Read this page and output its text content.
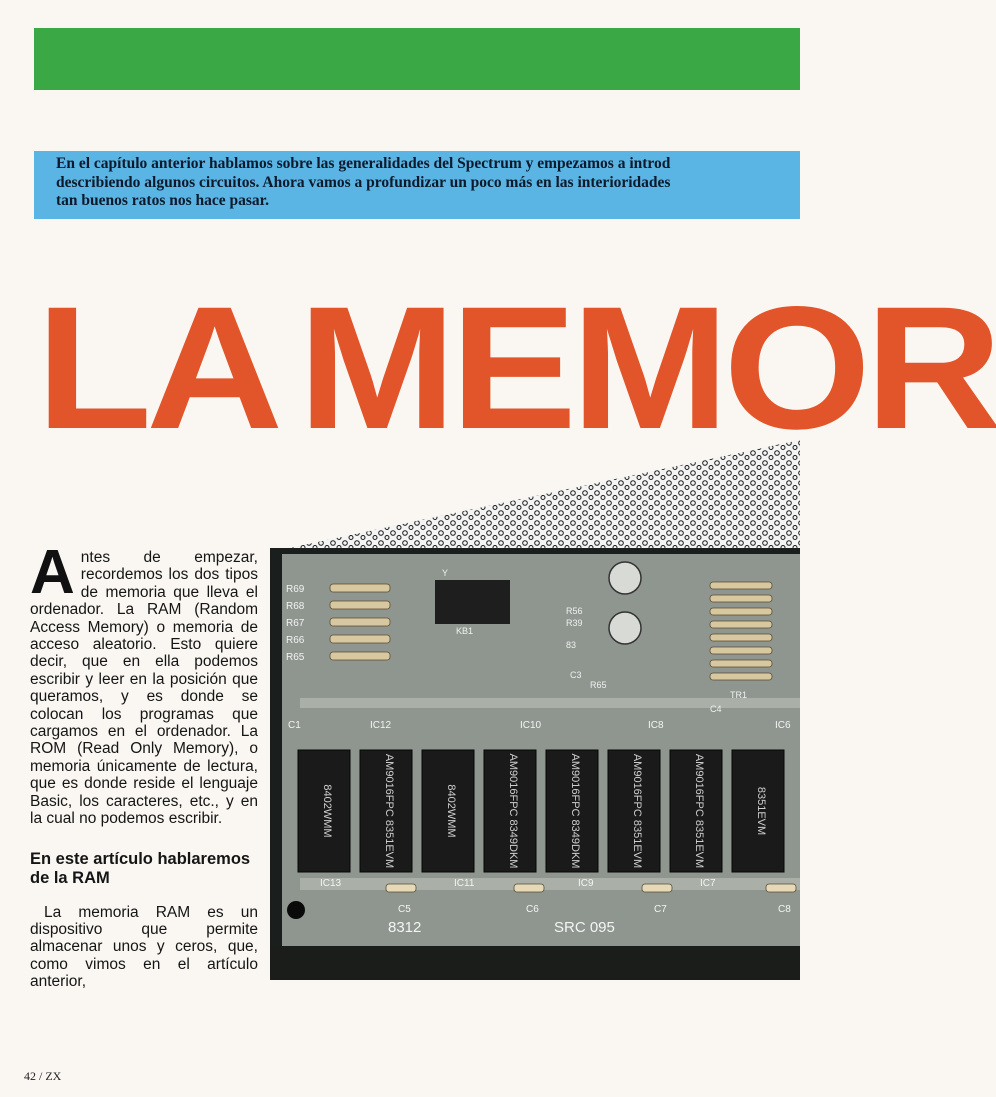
En el capítulo anterior hablamos sobre las generalidades del Spectrum y empezamos a introd
describiendo algunos circuitos. Ahora vamos a profundizar un poco más en las interioridades
tan buenos ratos nos hace pasar.
LA MEMOR
R69
R68
R67
R66
R65
Y
R56
R39
KB1
C3
R65
83
C4
TR1
C1	IC12	IC10	IC8	IC6
8402WMM	AM9016FPC 8351EVM	8402WMM	AM9016FPC 8349DKM	AM9016FPC 8349DKM	AM9016FPC 8351EVM	AM9016FPC 8351EVM	8351EVM
IC13	IC11	IC9	IC7
C5	C6	C7	C8
8312	SRC 095

Antes de empezar, recordemos los dos tipos de memoria que lleva el ordenador. La RAM (Random Access Memory) o memoria de acceso aleatorio. Esto quiere decir, que en ella podemos escribir y leer en la posición que queramos, y es donde se colocan los programas que cargamos en el ordenador. La ROM (Read Only Memory), o memoria únicamente de lectura, que es donde reside el lenguaje Basic, los caracteres, etc., y en la cual no podemos escribir.

En este artículo hablaremos de la RAM

La memoria RAM es un dispositivo que permite almacenar unos y ceros, que, como vimos en el artículo anterior,

42 / ZX
